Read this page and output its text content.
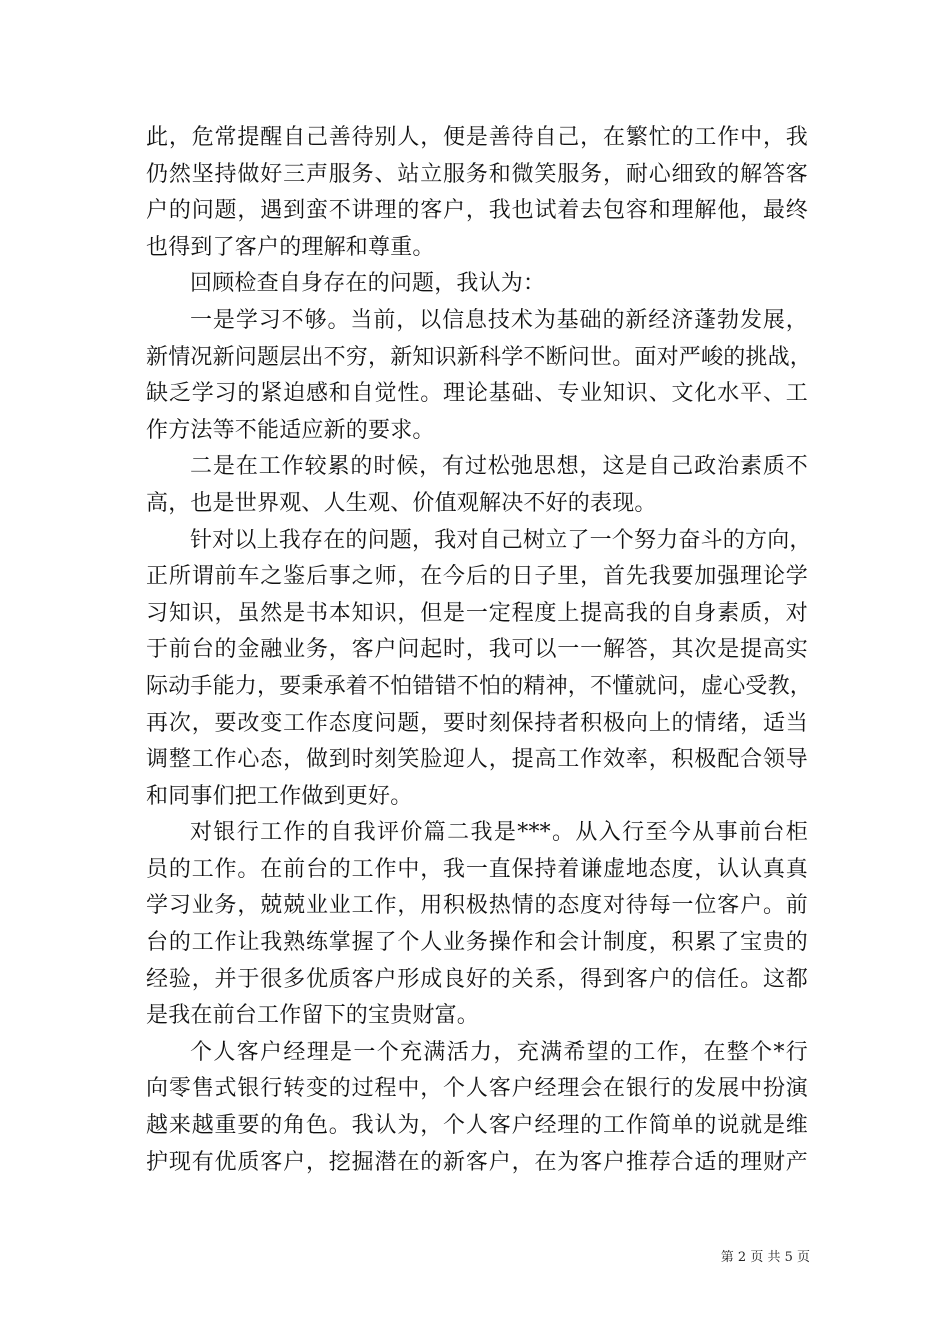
此，危常提醒自己善待别人，便是善待自己，在繁忙的工作中，我
仍然坚持做好三声服务、站立服务和微笑服务，耐心细致的解答客
户的问题，遇到蛮不讲理的客户，我也试着去包容和理解他，最终
也得到了客户的理解和尊重。
回顾检查自身存在的问题，我认为：
一是学习不够。当前，以信息技术为基础的新经济蓬勃发展，
新情况新问题层出不穷，新知识新科学不断问世。面对严峻的挑战，
缺乏学习的紧迫感和自觉性。理论基础、专业知识、文化水平、工
作方法等不能适应新的要求。
二是在工作较累的时候，有过松弛思想，这是自己政治素质不
高，也是世界观、人生观、价值观解决不好的表现。
针对以上我存在的问题，我对自己树立了一个努力奋斗的方向，
正所谓前车之鉴后事之师，在今后的日子里，首先我要加强理论学
习知识，虽然是书本知识，但是一定程度上提高我的自身素质，对
于前台的金融业务，客户问起时，我可以一一解答，其次是提高实
际动手能力，要秉承着不怕错错不怕的精神，不懂就问，虚心受教，
再次，要改变工作态度问题，要时刻保持者积极向上的情绪，适当
调整工作心态，做到时刻笑脸迎人，提高工作效率，积极配合领导
和同事们把工作做到更好。
对银行工作的自我评价篇二我是***。从入行至今从事前台柜
员的工作。在前台的工作中，我一直保持着谦虚地态度，认认真真
学习业务，兢兢业业工作，用积极热情的态度对待每一位客户。前
台的工作让我熟练掌握了个人业务操作和会计制度，积累了宝贵的
经验，并于很多优质客户形成良好的关系，得到客户的信任。这都
是我在前台工作留下的宝贵财富。
个人客户经理是一个充满活力，充满希望的工作，在整个*行
向零售式银行转变的过程中，个人客户经理会在银行的发展中扮演
越来越重要的角色。我认为，个人客户经理的工作简单的说就是维
护现有优质客户，挖掘潜在的新客户，在为客户推荐合适的理财产
第 2 页 共 5 页
